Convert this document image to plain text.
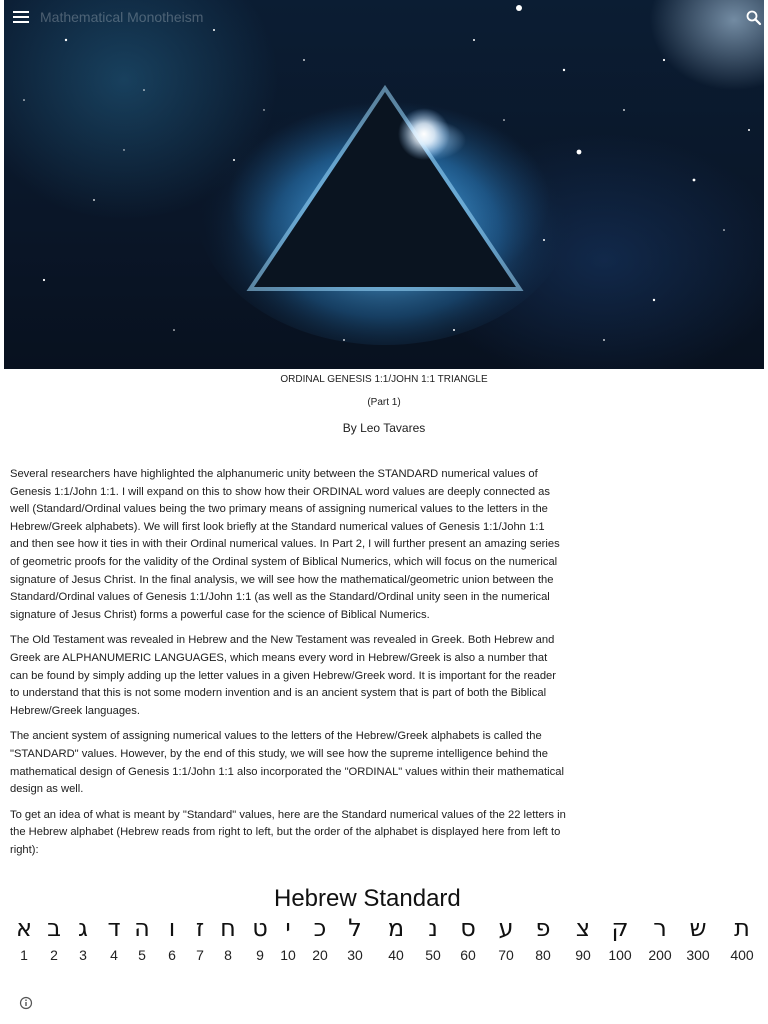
Mathematical Monotheism
ORDINAL GENESIS 1:1/JOHN 1:1 TRIANGLE
(Part 1)
By Leo Tavares

Several researchers have highlighted the alphanumeric unity between the STANDARD numerical values of Genesis 1:1/John 1:1. I will expand on this to show how their ORDINAL word values are deeply connected as well (Standard/Ordinal values being the two primary means of assigning numerical values to the letters in the Hebrew/Greek alphabets). We will first look briefly at the Standard numerical values of Genesis 1:1/John 1:1 and then see how it ties in with their Ordinal numerical values. In Part 2, I will further present an amazing series of geometric proofs for the validity of the Ordinal system of Biblical Numerics, which will focus on the numerical signature of Jesus Christ. In the final analysis, we will see how the mathematical/geometric union between the Standard/Ordinal values of Genesis 1:1/John 1:1 (as well as the Standard/Ordinal unity seen in the numerical signature of Jesus Christ) forms a powerful case for the science of Biblical Numerics.

The Old Testament was revealed in Hebrew and the New Testament was revealed in Greek. Both Hebrew and Greek are ALPHANUMERIC LANGUAGES, which means every word in Hebrew/Greek is also a number that can be found by simply adding up the letter values in a given Hebrew/Greek word. It is important for the reader to understand that this is not some modern invention and is an ancient system that is part of both the Biblical Hebrew/Greek languages.

The ancient system of assigning numerical values to the letters of the Hebrew/Greek alphabets is called the "STANDARD" values. However, by the end of this study, we will see how the supreme intelligence behind the mathematical design of Genesis 1:1/John 1:1 also incorporated the "ORDINAL" values within their mathematical design as well.

To get an idea of what is meant by "Standard" values, here are the Standard numerical values of the 22 letters in the Hebrew alphabet (Hebrew reads from right to left, but the order of the alphabet is displayed here from left to right):

Hebrew Standard
א ב ג ד ה ו ז ח ט י כ ל מ נ ס ע פ צ ק ר ש ת
1 2 3 4 5 6 7 8 9 10 20 30 40 50 60 70 80 90 100 200 300 400
